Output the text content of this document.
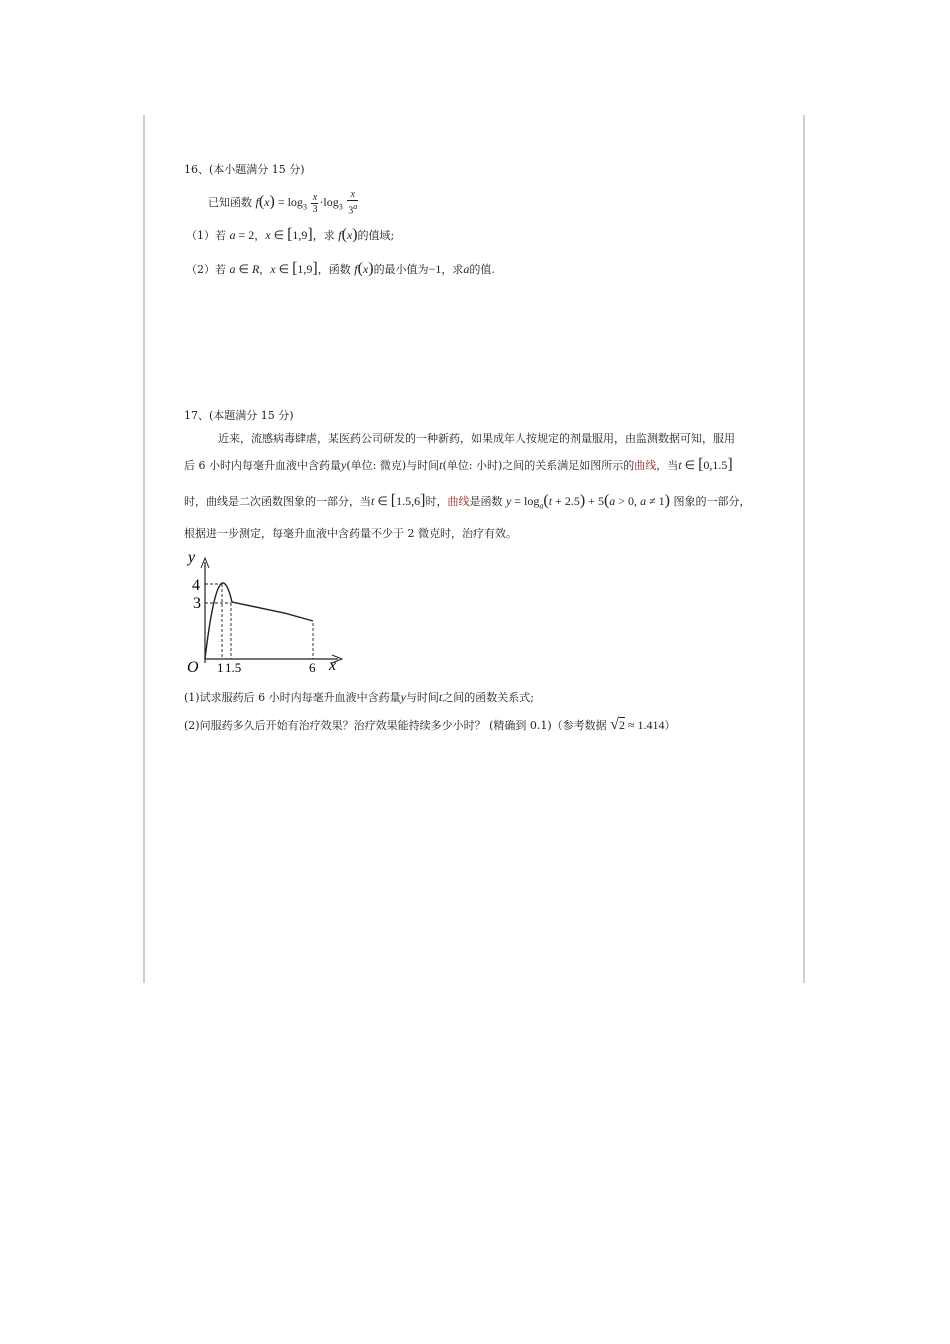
16、(本小题满分 15 分)
已知函数 $f(x) = \log_3 \frac{x}{3} \cdot\log_3 \frac{x}{3^a}$
（1）若 a = 2，x ∈ [1,9]，求 f(x)的值域;
（2）若 a ∈ R，x ∈ [1,9]，函数 f(x)的最小值为−1，求a的值.
17、(本题满分 15 分)
近来，流感病毒肆虐，某医药公司研发的一种新药，如果成年人按规定的剂量服用，由监测数据可知，服用
后 6 小时内每毫升血液中含药量y(单位: 微克)与时间t(单位: 小时)之间的关系满足如图所示的曲线，当t ∈ [0,1.5]
时，曲线是二次函数图象的一部分，当t ∈ [1.5,6]时，曲线是函数 $y = \log_a(t + 2.5) + 5(a > 0$, a ≠ 1) 图象的一部分，
根据进一步测定，每毫升血液中含药量不少于 2 微克时，治疗有效。
y
x
O
4
3
1 1.5	6
(1)试求服药后 6 小时内每毫升血液中含药量y与时间t之间的函数关系式;
(2)问服药多久后开始有治疗效果？治疗效果能持续多少小时？ (精确到 0.1)（参考数据 √2 ≈ 1.414）
